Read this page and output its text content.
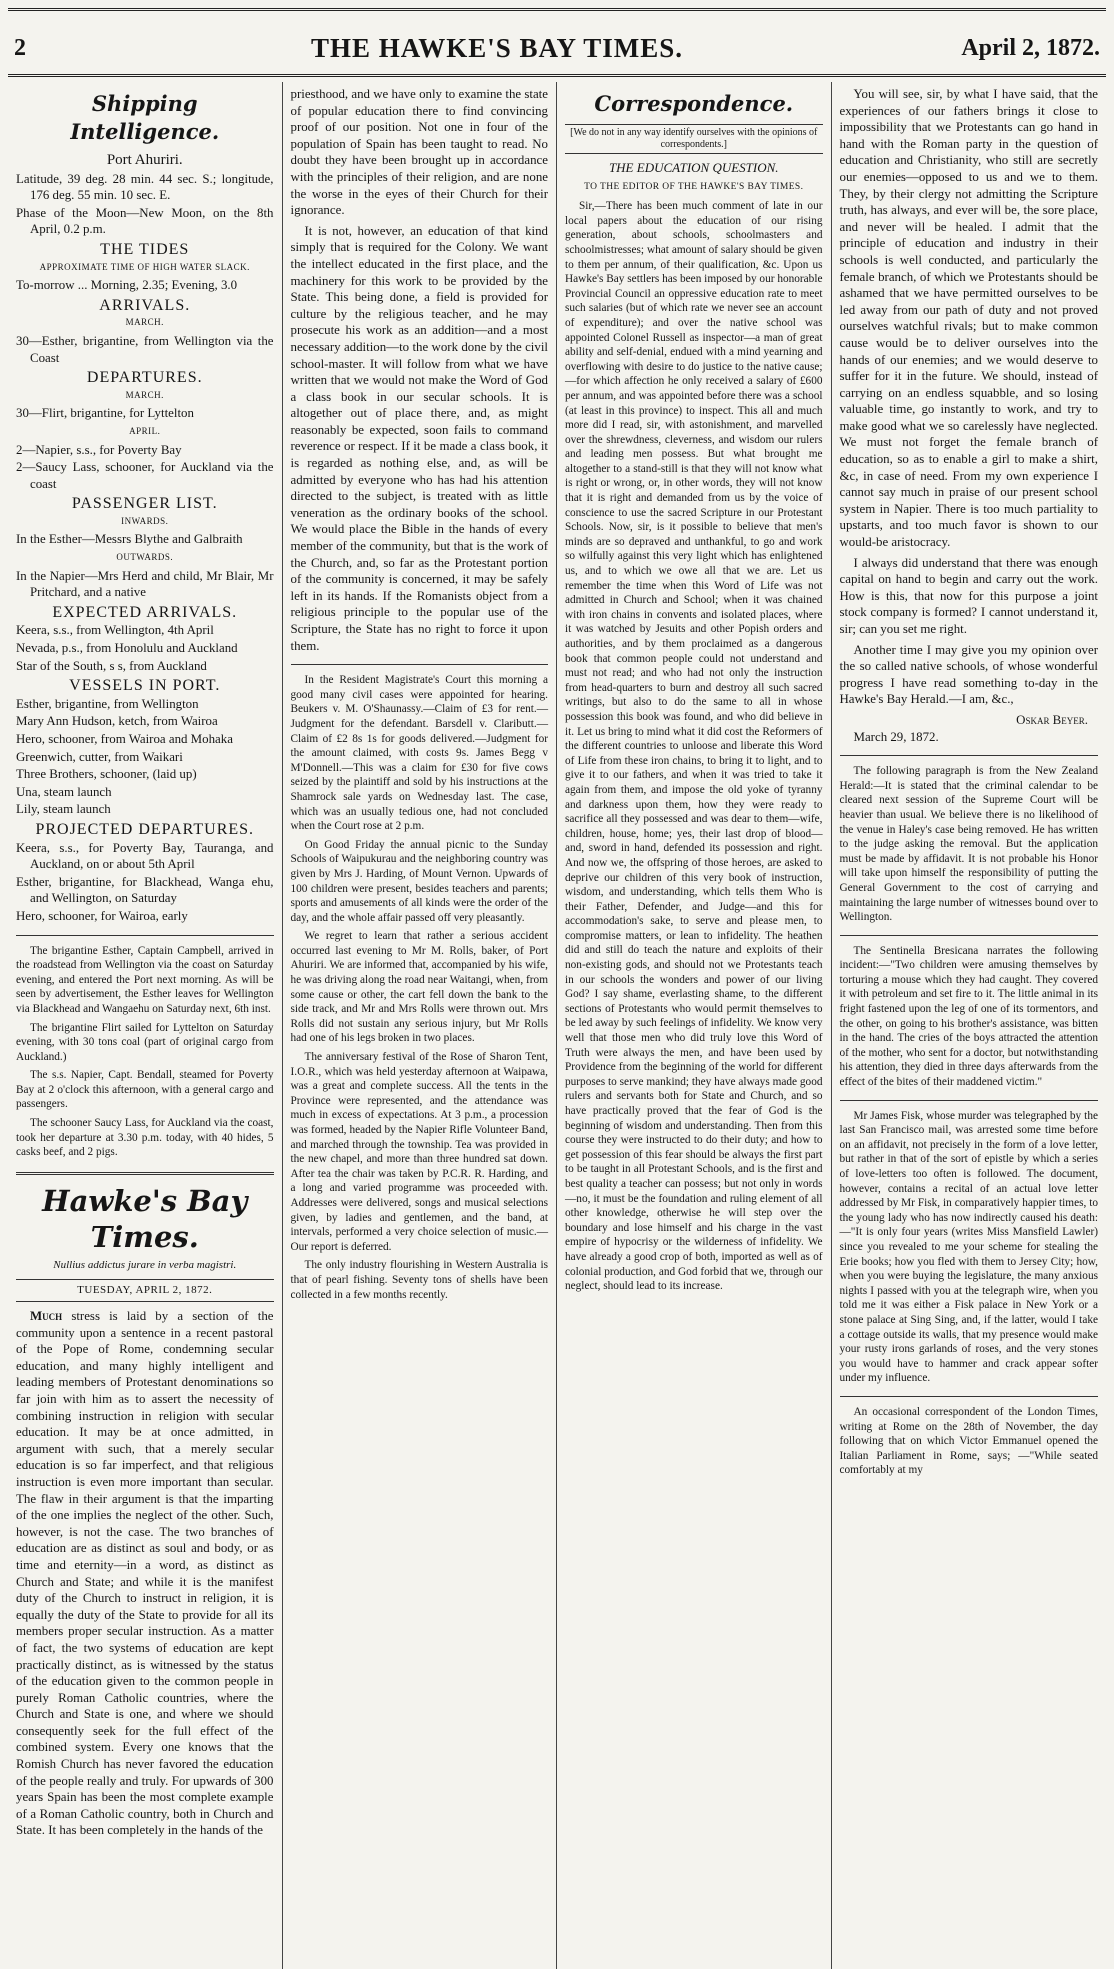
2	THE HAWKE'S BAY TIMES.	April 2, 1872.
Shipping Intelligence.
Port Ahuriri.
Latitude, 39 deg. 28 min. 44 sec. S.; longitude, 176 deg. 55 min. 10 sec. E.
Phase of the Moon—New Moon, on the 8th April, 0.2 p.m.
THE TIDES
APPROXIMATE TIME OF HIGH WATER SLACK.
To-morrow ... Morning, 2.35; Evening, 3.0
ARRIVALS.
MARCH.
30—Esther, brigantine, from Wellington via the Coast
DEPARTURES.
MARCH.
30—Flirt, brigantine, for Lyttelton
APRIL.
2—Napier, s.s., for Poverty Bay
2—Saucy Lass, schooner, for Auckland via the coast
PASSENGER LIST.
INWARDS.
In the Esther—Messrs Blythe and Galbraith
OUTWARDS.
In the Napier—Mrs Herd and child, Mr Blair, Mr Pritchard, and a native
EXPECTED ARRIVALS.
Keera, s.s., from Wellington, 4th April
Nevada, p.s., from Honolulu and Auckland
Star of the South, s s, from Auckland
VESSELS IN PORT.
Esther, brigantine, from Wellington
Mary Ann Hudson, ketch, from Wairoa
Hero, schooner, from Wairoa and Mohaka
Greenwich, cutter, from Waikari
Three Brothers, schooner, (laid up)
Una, steam launch
Lily, steam launch
PROJECTED DEPARTURES.
Keera, s.s., for Poverty Bay, Tauranga, and Auckland, on or about 5th April
Esther, brigantine, for Blackhead, Wanga ehu, and Wellington, on Saturday
Hero, schooner, for Wairoa, early

The brigantine Esther, Captain Campbell, arrived in the roadstead from Wellington via the coast on Saturday evening, and entered the Port next morning. As will be seen by advertisement, the Esther leaves for Wellington via Blackhead and Wangaehu on Saturday next, 6th inst.

The brigantine Flirt sailed for Lyttelton on Saturday evening, with 30 tons coal (part of original cargo from Auckland.)

The s.s. Napier, Capt. Bendall, steamed for Poverty Bay at 2 o'clock this afternoon, with a general cargo and passengers.

The schooner Saucy Lass, for Auckland via the coast, took her departure at 3.30 p.m. today, with 40 hides, 5 casks beef, and 2 pigs.

Hawke's Bay Times.
Nullius addictus jurare in verba magistri.
TUESDAY, APRIL 2, 1872.

Much stress is laid by a section of the community upon a sentence in a recent pastoral of the Pope of Rome, condemning secular education, and many highly intelligent and leading members of Protestant denominations so far join with him as to assert the necessity of combining instruction in religion with secular education. It may be at once admitted, in argument with such, that a merely secular education is so far imperfect, and that religious instruction is even more important than secular. The flaw in their argument is that the imparting of the one implies the neglect of the other. Such, however, is not the case. The two branches of education are as distinct as soul and body, or as time and eternity—in a word, as distinct as Church and State; and while it is the manifest duty of the Church to instruct in religion, it is equally the duty of the State to provide for all its members proper secular instruction. As a matter of fact, the two systems of education are kept practically distinct, as is witnessed by the status of the education given to the common people in purely Roman Catholic countries, where the Church and State is one, and where we should consequently seek for the full effect of the combined system. Every one knows that the Romish Church has never favored the education of the people really and truly. For upwards of 300 years Spain has been the most complete example of a Roman Catholic country, both in Church and State. It has been completely in the hands of the

priesthood, and we have only to examine the state of popular education there to find convincing proof of our position. Not one in four of the population of Spain has been taught to read. No doubt they have been brought up in accordance with the principles of their religion, and are none the worse in the eyes of their Church for their ignorance.

It is not, however, an education of that kind simply that is required for the Colony. We want the intellect educated in the first place, and the machinery for this work to be provided by the State. This being done, a field is provided for culture by the religious teacher, and he may prosecute his work as an addition—and a most necessary addition—to the work done by the civil school-master. It will follow from what we have written that we would not make the Word of God a class book in our secular schools. It is altogether out of place there, and, as might reasonably be expected, soon fails to command reverence or respect. If it be made a class book, it is regarded as nothing else, and, as will be admitted by everyone who has had his attention directed to the subject, is treated with as little veneration as the ordinary books of the school. We would place the Bible in the hands of every member of the community, but that is the work of the Church, and, so far as the Protestant portion of the community is concerned, it may be safely left in its hands. If the Romanists object from a religious principle to the popular use of the Scripture, the State has no right to force it upon them.

In the Resident Magistrate's Court this morning a good many civil cases were appointed for hearing. Beukers v. M. O'Shaunassy.—Claim of £3 for rent.—Judgment for the defendant. Barsdell v. Claributt.—Claim of £2 8s 1s for goods delivered.—Judgment for the amount claimed, with costs 9s. James Begg v M'Donnell.—This was a claim for £30 for five cows seized by the plaintiff and sold by his instructions at the Shamrock sale yards on Wednesday last. The case, which was an usually tedious one, had not concluded when the Court rose at 2 p.m.

On Good Friday the annual picnic to the Sunday Schools of Waipukurau and the neighboring country was given by Mrs J. Harding, of Mount Vernon. Upwards of 100 children were present, besides teachers and parents; sports and amusements of all kinds were the order of the day, and the whole affair passed off very pleasantly.

We regret to learn that rather a serious accident occurred last evening to Mr M. Rolls, baker, of Port Ahuriri. We are informed that, accompanied by his wife, he was driving along the road near Waitangi, when, from some cause or other, the cart fell down the bank to the side track, and Mr and Mrs Rolls were thrown out. Mrs Rolls did not sustain any serious injury, but Mr Rolls had one of his legs broken in two places.

The anniversary festival of the Rose of Sharon Tent, I.O.R., which was held yesterday afternoon at Waipawa, was a great and complete success. All the tents in the Province were represented, and the attendance was much in excess of expectations. At 3 p.m., a procession was formed, headed by the Napier Rifle Volunteer Band, and marched through the township. Tea was provided in the new chapel, and more than three hundred sat down. After tea the chair was taken by P.C.R. R. Harding, and a long and varied programme was proceeded with. Addresses were delivered, songs and musical selections given, by ladies and gentlemen, and the band, at intervals, performed a very choice selection of music.—Our report is deferred.

The only industry flourishing in Western Australia is that of pearl fishing. Seventy tons of shells have been collected in a few months recently.

Correspondence.
[We do not in any way identify ourselves with the opinions of correspondents.]
THE EDUCATION QUESTION.
TO THE EDITOR OF THE HAWKE'S BAY TIMES.

Sir,—There has been much comment of late in our local papers about the education of our rising generation, about schools, schoolmasters and schoolmistresses; what amount of salary should be given to them per annum, of their qualification, &c. Upon us Hawke's Bay settlers has been imposed by our honorable Provincial Council an oppressive education rate to meet such salaries (but of which rate we never see an account of expenditure); and over the native school was appointed Colonel Russell as inspector—a man of great ability and self-denial, endued with a mind yearning and overflowing with desire to do justice to the native cause;—for which affection he only received a salary of £600 per annum, and was appointed before there was a school (at least in this province) to inspect. This all and much more did I read, sir, with astonishment, and marvelled over the shrewdness, cleverness, and wisdom our rulers and leading men possess. But what brought me altogether to a stand-still is that they will not know what is right or wrong, or, in other words, they will not know that it is right and demanded from us by the voice of conscience to use the sacred Scripture in our Protestant Schools. Now, sir, is it possible to believe that men's minds are so depraved and unthankful, to go and work so wilfully against this very light which has enlightened us, and to which we owe all that we are. Let us remember the time when this Word of Life was not admitted in Church and School; when it was chained with iron chains in convents and isolated places, where it was watched by Jesuits and other Popish orders and authorities, and by them proclaimed as a dangerous book that common people could not understand and must not read; and who had not only the instruction from head-quarters to burn and destroy all such sacred writings, but also to do the same to all in whose possession this book was found, and who did believe in it. Let us bring to mind what it did cost the Reformers of the different countries to unloose and liberate this Word of Life from these iron chains, to bring it to light, and to give it to our fathers, and when it was tried to take it again from them, and impose the old yoke of tyranny and darkness upon them, how they were ready to sacrifice all they possessed and was dear to them—wife, children, house, home; yes, their last drop of blood—and, sword in hand, defended its possession and right. And now we, the offspring of those heroes, are asked to deprive our children of this very book of instruction, wisdom, and understanding, which tells them Who is their Father, Defender, and Judge—and this for accommodation's sake, to serve and please men, to compromise matters, or lean to infidelity. The heathen did and still do teach the nature and exploits of their non-existing gods, and should not we Protestants teach in our schools the wonders and power of our living God? I say shame, everlasting shame, to the different sections of Protestants who would permit themselves to be led away by such feelings of infidelity. We know very well that those men who did truly love this Word of Truth were always the men, and have been used by Providence from the beginning of the world for different purposes to serve mankind; they have always made good rulers and servants both for State and Church, and so have practically proved that the fear of God is the beginning of wisdom and understanding. Then from this course they were instructed to do their duty; and how to get possession of this fear should be always the first part to be taught in all Protestant Schools, and is the first and best quality a teacher can possess; but not only in words—no, it must be the foundation and ruling element of all other knowledge, otherwise he will step over the boundary and lose himself and his charge in the vast empire of hypocrisy or the wilderness of infidelity. We have already a good crop of both, imported as well as of colonial production, and God forbid that we, through our neglect, should lead to its increase.

You will see, sir, by what I have said, that the experiences of our fathers brings it close to impossibility that we Protestants can go hand in hand with the Roman party in the question of education and Christianity, who still are secretly our enemies—opposed to us and we to them. They, by their clergy not admitting the Scripture truth, has always, and ever will be, the sore place, and never will be healed. I admit that the principle of education and industry in their schools is well conducted, and particularly the female branch, of which we Protestants should be ashamed that we have permitted ourselves to be led away from our path of duty and not proved ourselves watchful rivals; but to make common cause would be to deliver ourselves into the hands of our enemies; and we would deserve to suffer for it in the future. We should, instead of carrying on an endless squabble, and so losing valuable time, go instantly to work, and try to make good what we so carelessly have neglected. We must not forget the female branch of education, so as to enable a girl to make a shirt, &c, in case of need. From my own experience I cannot say much in praise of our present school system in Napier. There is too much partiality to upstarts, and too much favor is shown to our would-be aristocracy.

I always did understand that there was enough capital on hand to begin and carry out the work. How is this, that now for this purpose a joint stock company is formed? I cannot understand it, sir; can you set me right.

Another time I may give you my opinion over the so called native schools, of whose wonderful progress I have read something to-day in the Hawke's Bay Herald.—I am, &c.,

Oskar Beyer.
March 29, 1872.

The following paragraph is from the New Zealand Herald:—It is stated that the criminal calendar to be cleared next session of the Supreme Court will be heavier than usual. We believe there is no likelihood of the venue in Haley's case being removed. He has written to the judge asking the removal. But the application must be made by affidavit. It is not probable his Honor will take upon himself the responsibility of putting the General Government to the cost of carrying and maintaining the large number of witnesses bound over to Wellington.

The Sentinella Bresicana narrates the following incident:—"Two children were amusing themselves by torturing a mouse which they had caught. They covered it with petroleum and set fire to it. The little animal in its fright fastened upon the leg of one of its tormentors, and the other, on going to his brother's assistance, was bitten in the hand. The cries of the boys attracted the attention of the mother, who sent for a doctor, but notwithstanding his attention, they died in three days afterwards from the effect of the bites of their maddened victim."

Mr James Fisk, whose murder was telegraphed by the last San Francisco mail, was arrested some time before on an affidavit, not precisely in the form of a love letter, but rather in that of the sort of epistle by which a series of love-letters too often is followed. The document, however, contains a recital of an actual love letter addressed by Mr Fisk, in comparatively happier times, to the young lady who has now indirectly caused his death:—"It is only four years (writes Miss Mansfield Lawler) since you revealed to me your scheme for stealing the Erie books; how you fled with them to Jersey City; how, when you were buying the legislature, the many anxious nights I passed with you at the telegraph wire, when you told me it was either a Fisk palace in New York or a stone palace at Sing Sing, and, if the latter, would I take a cottage outside its walls, that my presence would make your rusty irons garlands of roses, and the very stones you would have to hammer and crack appear softer under my influence.

An occasional correspondent of the London Times, writing at Rome on the 28th of November, the day following that on which Victor Emmanuel opened the Italian Parliament in Rome, says; —"While seated comfortably at my
